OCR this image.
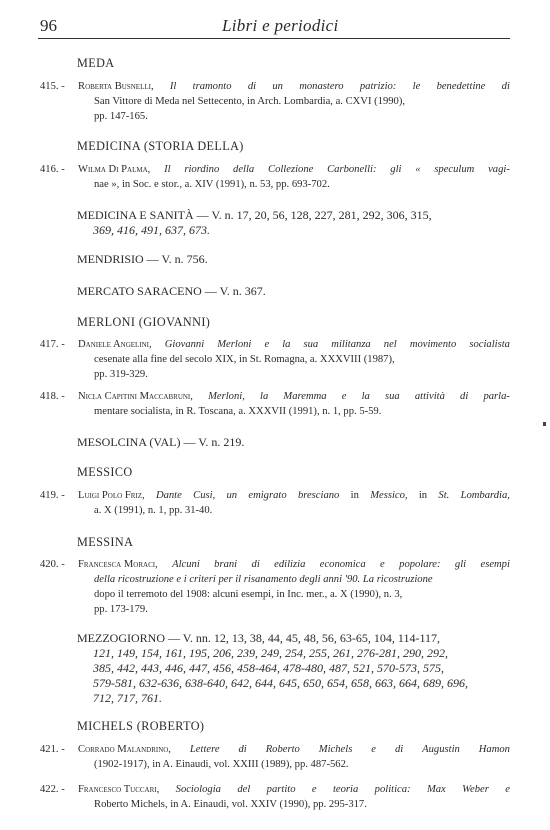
96	Libri e periodici
MEDA
415. - Roberta Busnelli, Il tramonto di un monastero patrizio: le benedettine di
San Vittore di Meda nel Settecento, in Arch. Lombardia, a. CXVI (1990),
pp. 147-165.
MEDICINA (STORIA DELLA)
416. - Wilma Di Palma, Il riordino della Collezione Carbonelli: gli « speculum vagi-
nae », in Soc. e stor., a. XIV (1991), n. 53, pp. 693-702.
MEDICINA E SANITÀ — V. n. 17, 20, 56, 128, 227, 281, 292, 306, 315,
369, 416, 491, 637, 673.
MENDRISIO — V. n. 756.
MERCATO SARACENO — V. n. 367.
MERLONI (GIOVANNI)
417. - Daniele Angelini, Giovanni Merloni e la sua militanza nel movimento socialista
cesenate alla fine del secolo XIX, in St. Romagna, a. XXXVIII (1987),
pp. 319-329.
418. - Nicla Capitini Maccabruni, Merloni, la Maremma e la sua attività di parla-
mentare socialista, in R. Toscana, a. XXXVII (1991), n. 1, pp. 5-59.
MESOLCINA (VAL) — V. n. 219.
MESSICO
419. - Luigi Polo Friz, Dante Cusi, un emigrato bresciano in Messico, in St. Lombardia,
a. X (1991), n. 1, pp. 31-40.
MESSINA
420. - Francesca Moraci, Alcuni brani di edilizia economica e popolare: gli esempi
della ricostruzione e i criteri per il risanamento degli anni '90. La ricostruzione
dopo il terremoto del 1908: alcuni esempi, in Inc. mer., a. X (1990), n. 3,
pp. 173-179.
MEZZOGIORNO — V. nn. 12, 13, 38, 44, 45, 48, 56, 63-65, 104, 114-117,
121, 149, 154, 161, 195, 206, 239, 249, 254, 255, 261, 276-281, 290, 292,
385, 442, 443, 446, 447, 456, 458-464, 478-480, 487, 521, 570-573, 575,
579-581, 632-636, 638-640, 642, 644, 645, 650, 654, 658, 663, 664, 689, 696,
712, 717, 761.
MICHELS (ROBERTO)
421. - Corrado Malandrino, Lettere di Roberto Michels e di Augustin Hamon
(1902-1917), in A. Einaudi, vol. XXIII (1989), pp. 487-562.
422. - Francesco Tuccari, Sociologia del partito e teoria politica: Max Weber e
Roberto Michels, in A. Einaudi, vol. XXIV (1990), pp. 295-317.
